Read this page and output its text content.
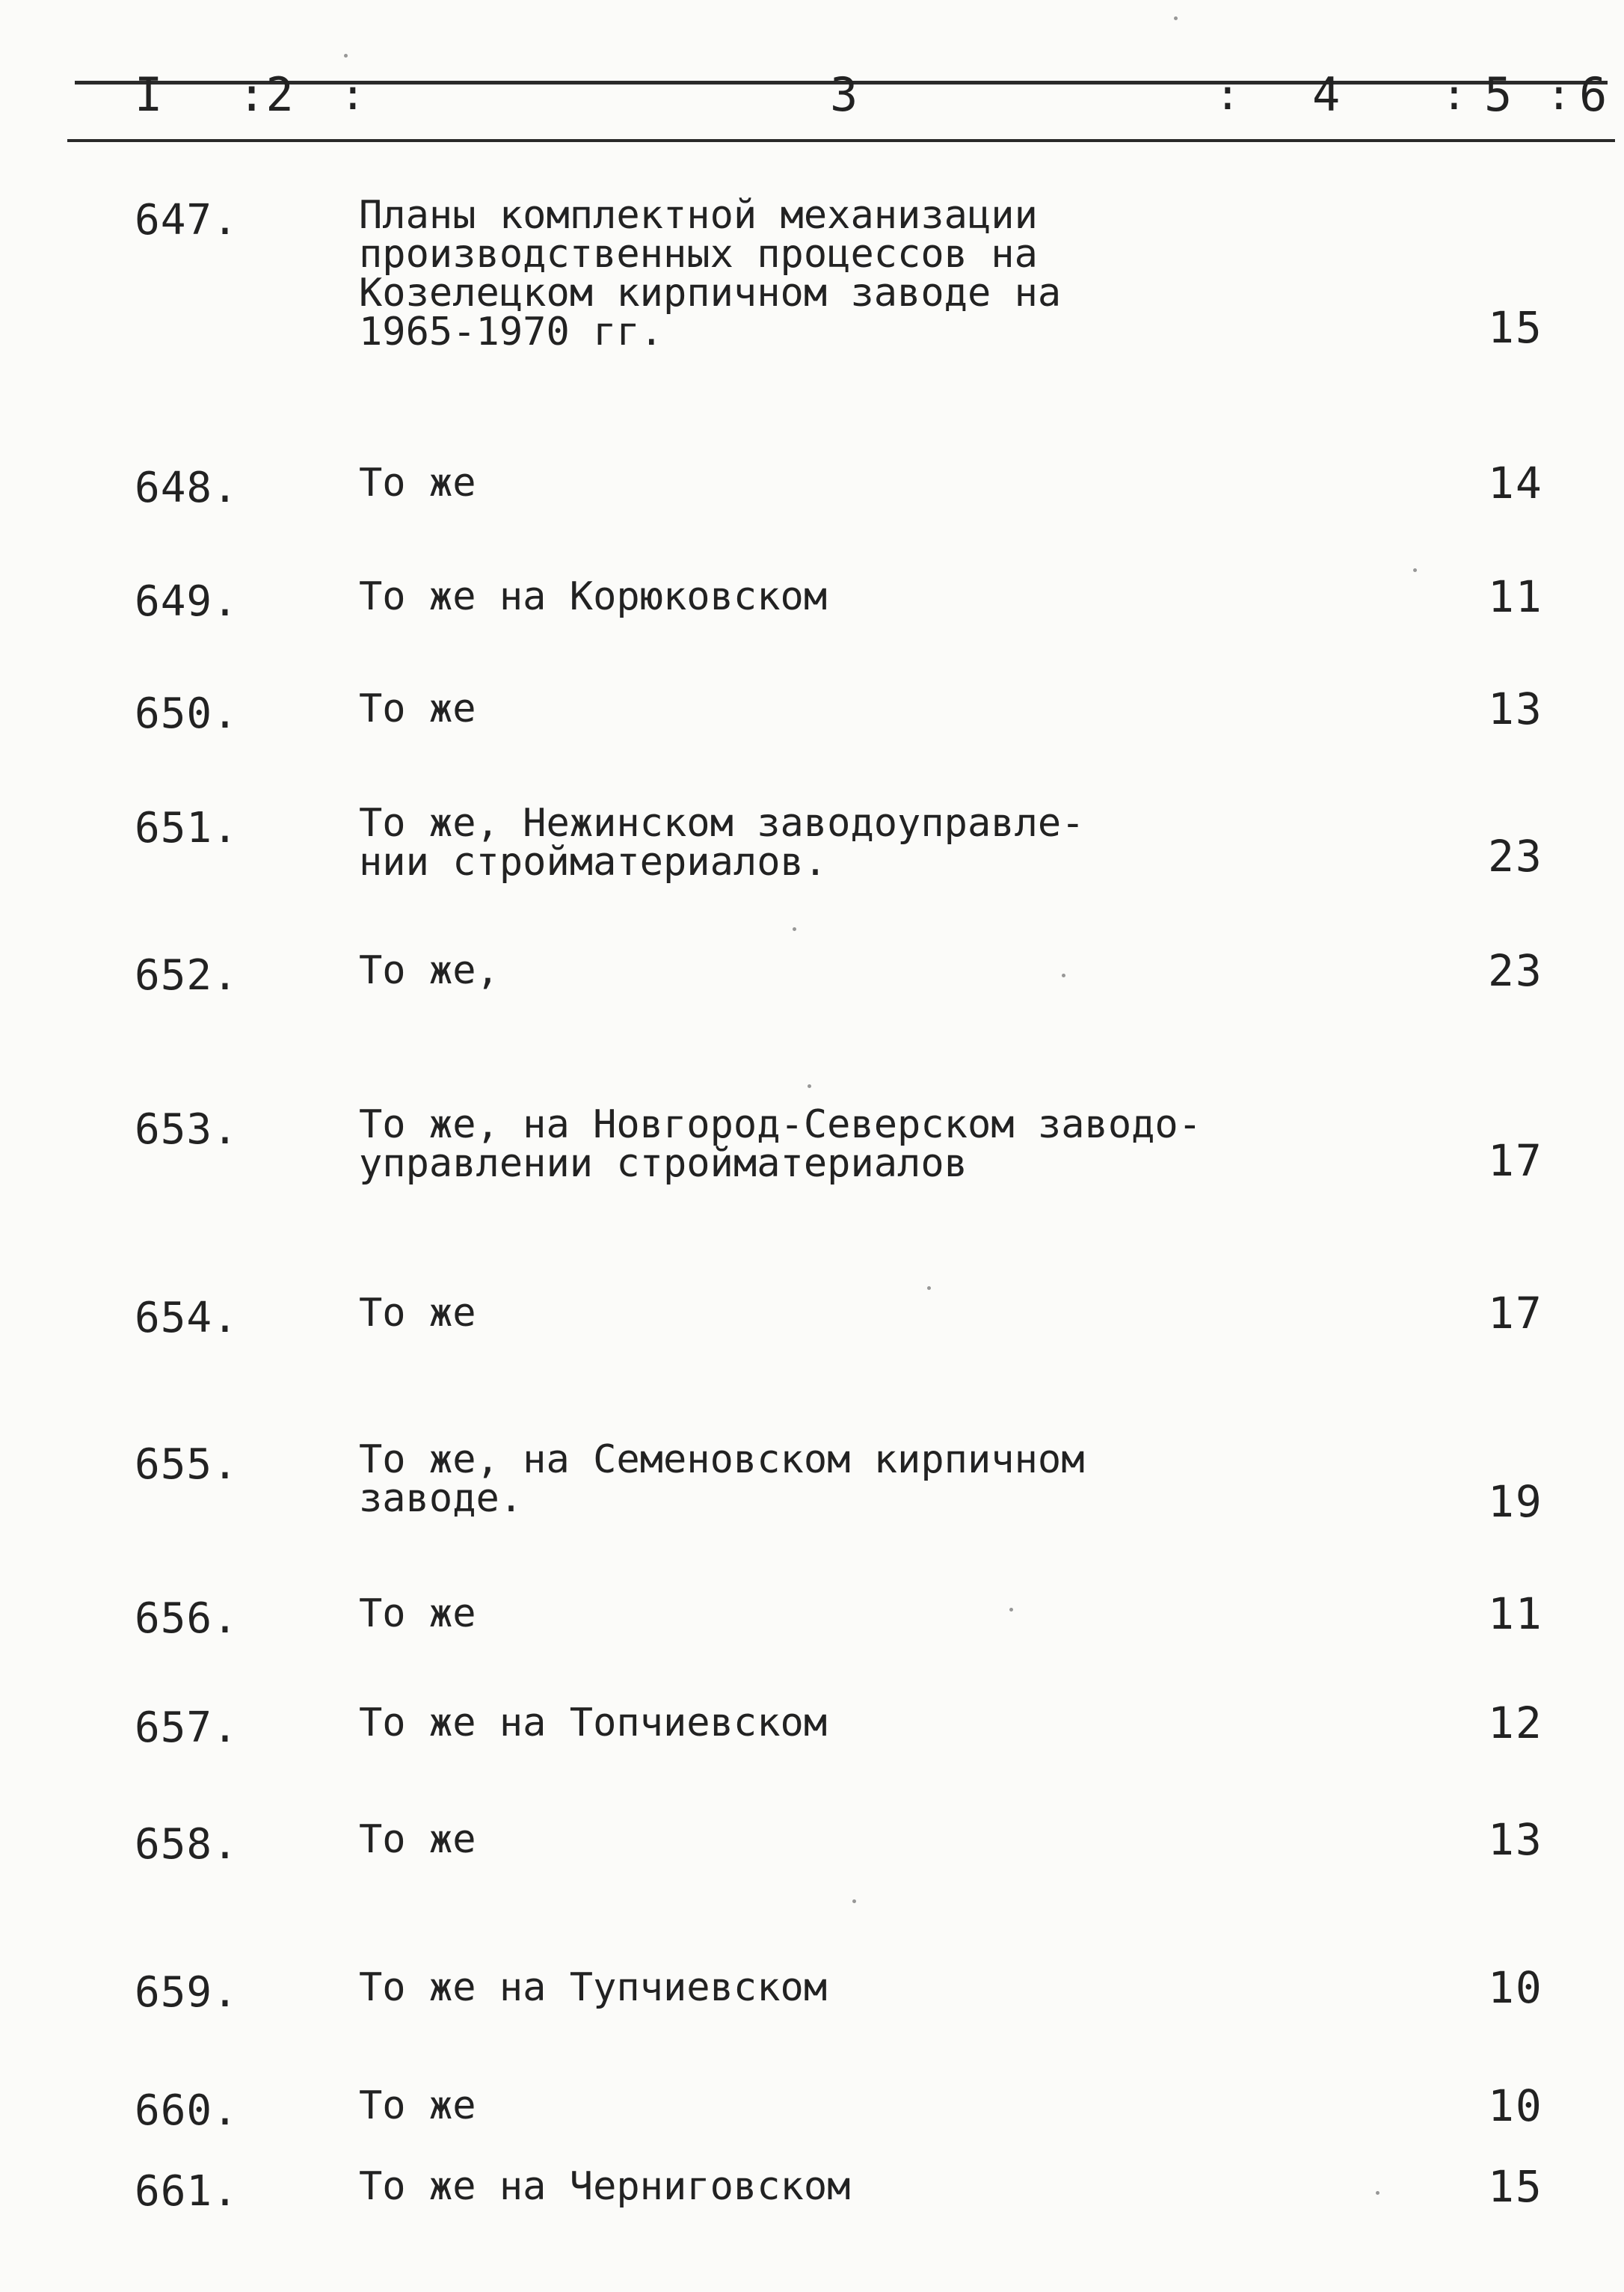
I :2 :	3	: 4 : 5 : 6
647.	Планы комплектной механизации
производственных процессов на
Козелецком кирпичном заводе на
1965-1970 гг.	15
648.	То же	14
649.	То же на Корюковском	11
650.	То же	13
651.	То же, Нежинском заводоуправле-
нии стройматериалов.	23
652.	То же,	23
653.	То же, на Новгород-Северском заводо-
управлении стройматериалов	17
654.	То же	17
655.	То же, на Семеновском кирпичном
заводе.	19
656.	То же	11
657.	То же на Топчиевском	12
658.	То же	13
659.	То же на Тупчиевском	10
660.	То же	10
661.	То же на Черниговском	15
